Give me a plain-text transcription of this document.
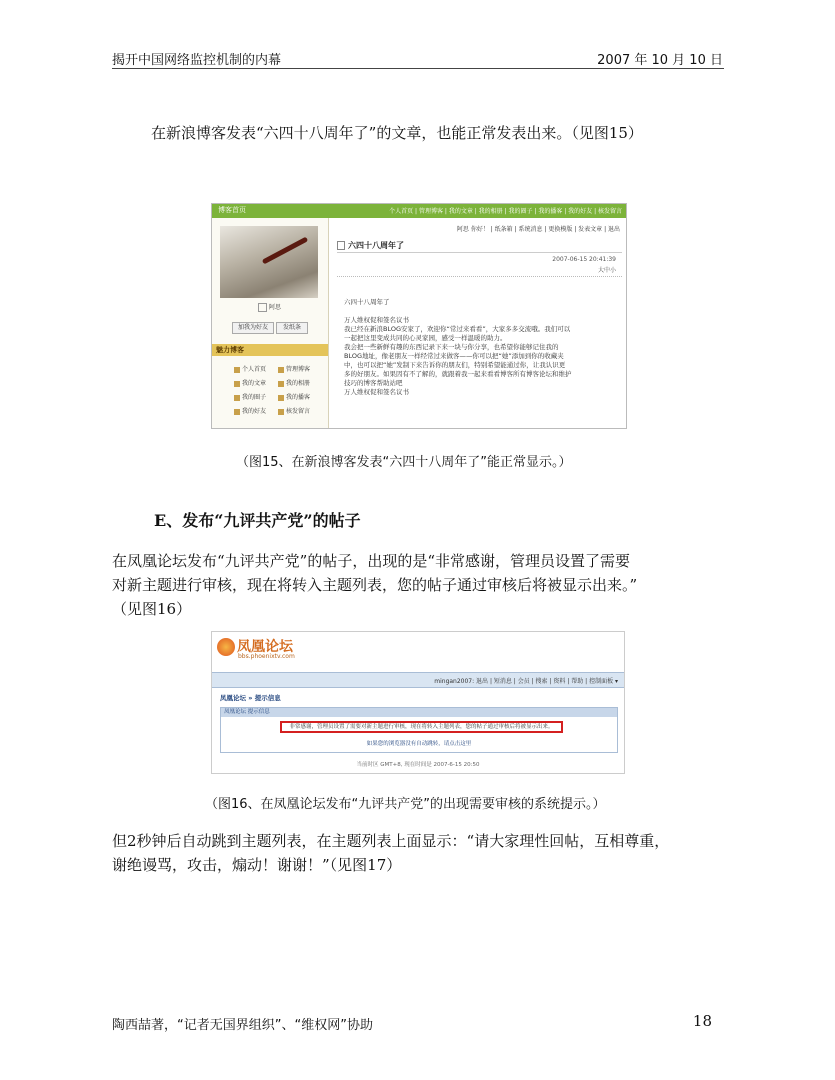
揭开中国网络监控机制的内幕	2007 年 10 月 10 日
在新浪博客发表“六四十八周年了”的文章，也能正常发表出来。（见图15）
博客首页	个人首页 | 管理博客 | 我的文章 | 我的相册 | 我的圈子 | 我的播客 | 我的好友 | 核发留言
阿思
加我为好友	发纸条
魅力博客
个人首页	管理博客
我的文章	我的相册
我的圈子	我的播客
我的好友	核发留言
阿思 你好！ | 纸条箱 | 系统消息 | 更换模版 | 发表文章 | 退出
六四十八周年了
2007-06-15 20:41:39
大中小
六四十八周年了
万人维权促和签名议书
我已经在新浪BLOG安家了，欢迎你“常过来看看”，大家多多交流哦。我们可以
一起把这里变成共同的心灵家园，感受一样温暖的助力。
我会把一些新鲜有趣的东西记录下来一块与你分享，也希望你能够记住我的
BLOG地址，像老朋友一样经常过来做客——你可以把“她”添加到你的收藏夹
中，也可以把“她”发制下来告诉你的朋友们，特别希望能通过你，让我认识更
多的好朋友。如果因有不了解的，就跟着我一起来看看博客所有博客论坛和维护
技巧的博客帮助站吧
万人维权促和签名议书
（图15、在新浪博客发表“六四十八周年了”能正常显示。）
E、发布“九评共产党”的帖子
在凤凰论坛发布“九评共产党”的帖子，出现的是“非常感谢，管理员设置了需要
对新主题进行审核，现在将转入主题列表，您的帖子通过审核后将被显示出来。”
（见图16）
凤凰论坛
bbs.phoenixtv.com
mingan2007: 退出 | 短消息 | 会员 | 搜索 | 资料 | 帮助 | 控制面板 ▾
凤凰论坛 » 提示信息
凤凰论坛 提示信息
非常感谢，管理员设置了需要对新主题进行审核，现在将转入主题列表，您的帖子通过审核后将被显示出来。
如果您的浏览器没有自动跳转，请点击这里
当前时区 GMT+8, 现在时间是 2007-6-15 20:50
（图16、在凤凰论坛发布“九评共产党”的出现需要审核的系统提示。）
但2秒钟后自动跳到主题列表，在主题列表上面显示：“请大家理性回帖，互相尊重，
谢绝谩骂，攻击，煽动！谢谢！”（见图17）
陶西喆著，“记者无国界组织”、“维权网”协助	18
